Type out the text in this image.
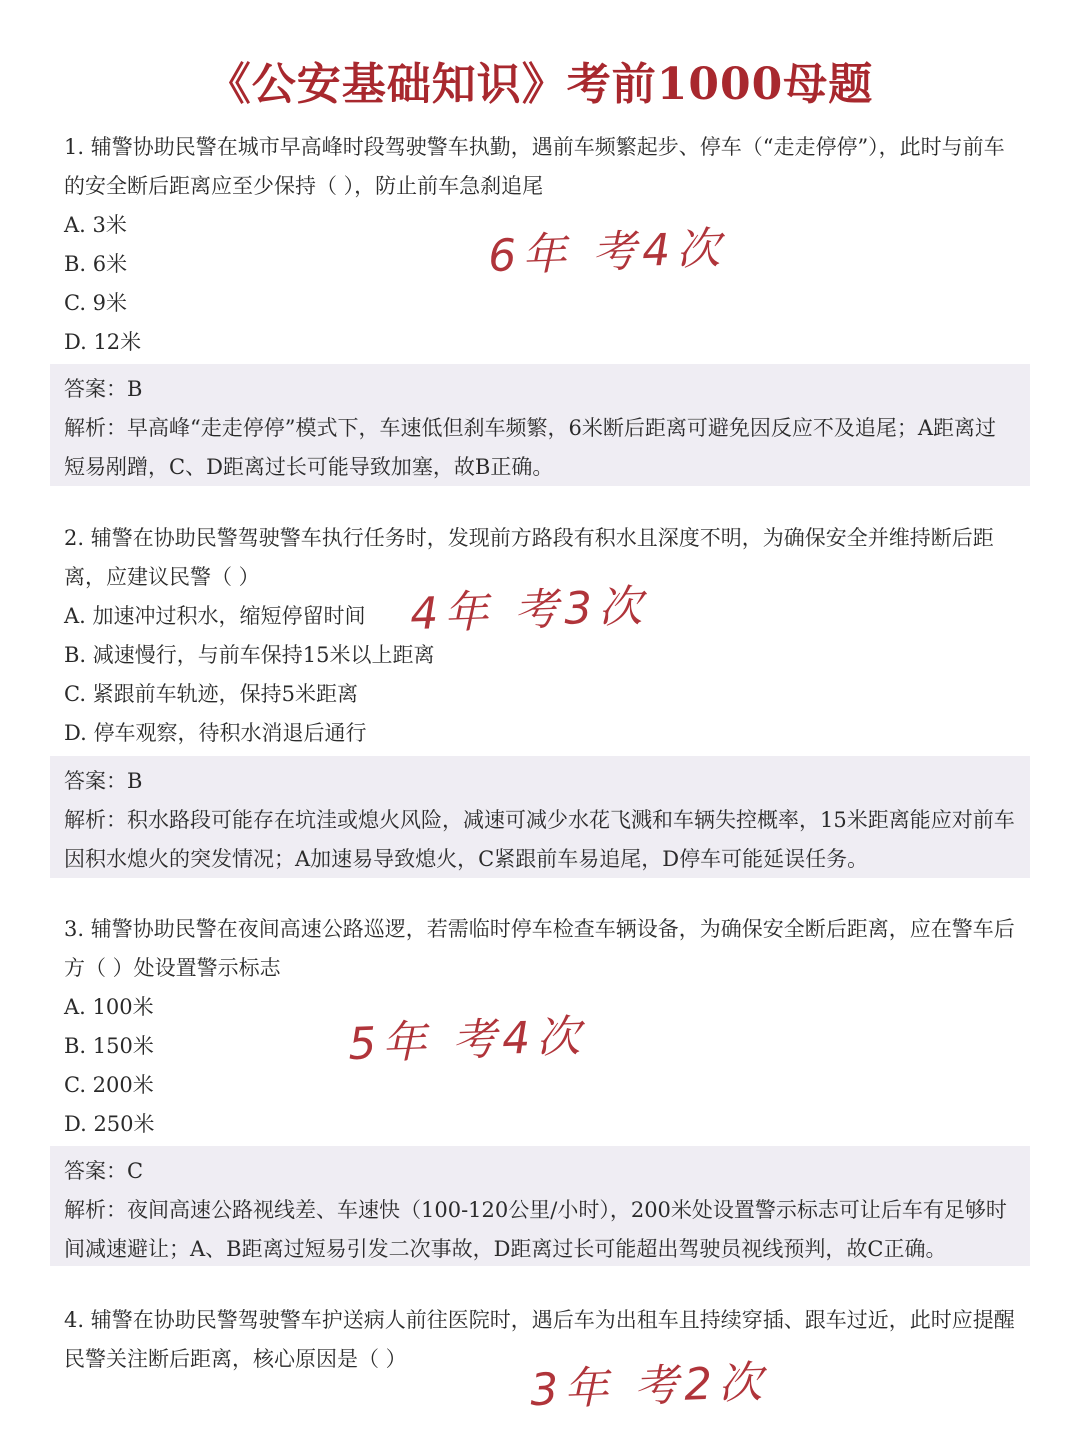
《公安基础知识》考前1000母题

1. 辅警协助民警在城市早高峰时段驾驶警车执勤，遇前车频繁起步、停车（“走走停停”），此时与前车的安全断后距离应至少保持（ ），防止前车急刹追尾

A. 3米

B. 6米

C. 9米

D. 12米

6年 考4次

答案：B

解析：早高峰“走走停停”模式下，车速低但刹车频繁，6米断后距离可避免因反应不及追尾；A距离过短易剐蹭，C、D距离过长可能导致加塞，故B正确。

2. 辅警在协助民警驾驶警车执行任务时，发现前方路段有积水且深度不明，为确保安全并维持断后距离，应建议民警（ ）

A. 加速冲过积水，缩短停留时间

B. 减速慢行，与前车保持15米以上距离

C. 紧跟前车轨迹，保持5米距离

D. 停车观察，待积水消退后通行

4年 考3次

答案：B

解析：积水路段可能存在坑洼或熄火风险，减速可减少水花飞溅和车辆失控概率，15米距离能应对前车因积水熄火的突发情况；A加速易导致熄火，C紧跟前车易追尾，D停车可能延误任务。

3. 辅警协助民警在夜间高速公路巡逻，若需临时停车检查车辆设备，为确保安全断后距离，应在警车后方（ ）处设置警示标志

A. 100米

B. 150米

C. 200米

D. 250米

5年 考4次

答案：C

解析：夜间高速公路视线差、车速快（100-120公里/小时），200米处设置警示标志可让后车有足够时间减速避让；A、B距离过短易引发二次事故，D距离过长可能超出驾驶员视线预判，故C正确。

4. 辅警在协助民警驾驶警车护送病人前往医院时，遇后车为出租车且持续穿插、跟车过近，此时应提醒民警关注断后距离，核心原因是（ ）	3年 考2次
